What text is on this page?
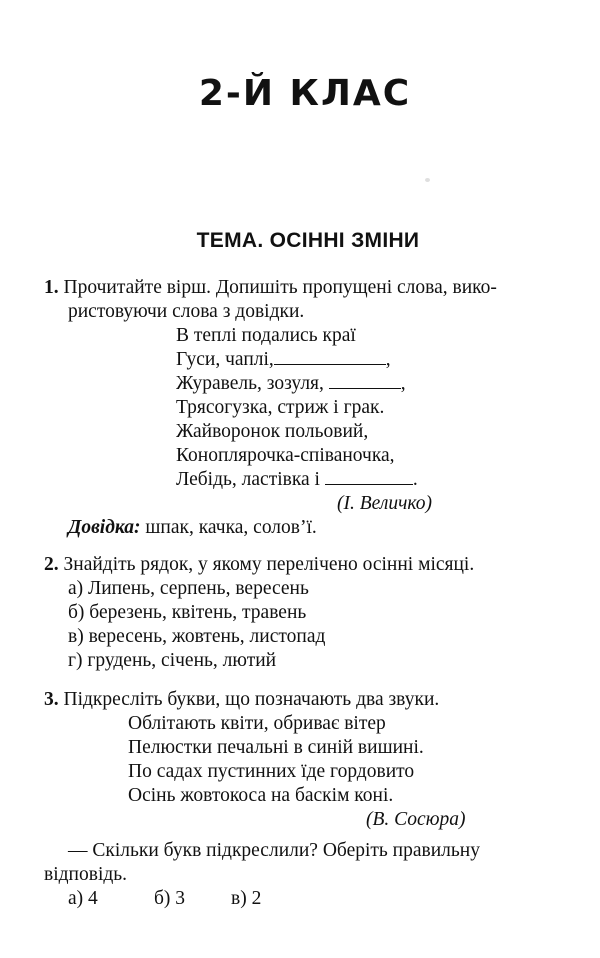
2-Й КЛАС
ТЕМА. ОСІННІ ЗМІНИ
1. Прочитайте вірш. Допишіть пропущені слова, вико-
ристовуючи слова з довідки.
В теплі подались краї
Гуси, чаплі,	,
Журавель, зозуля,	,
Трясогузка, стриж і грак.
Жайворонок польовий,
Коноплярочка-співаночка,
Лебідь, ластівка і	.
(І. Величко)
Довідка: шпак, качка, солов’ї.
2. Знайдіть рядок, у якому перелічено осінні місяці.
а) Липень, серпень, вересень
б) березень, квітень, травень
в) вересень, жовтень, листопад
г) грудень, січень, лютий
3. Підкресліть букви, що позначають два звуки.
Облітають квіти, обриває вітер
Пелюстки печальні в синій вишині.
По садах пустинних їде гордовито
Осінь жовтокоса на баскім коні.
(В. Сосюра)
— Скільки букв підкреслили? Оберіть правильну
відповідь.
а) 4	б) 3 в) 2
